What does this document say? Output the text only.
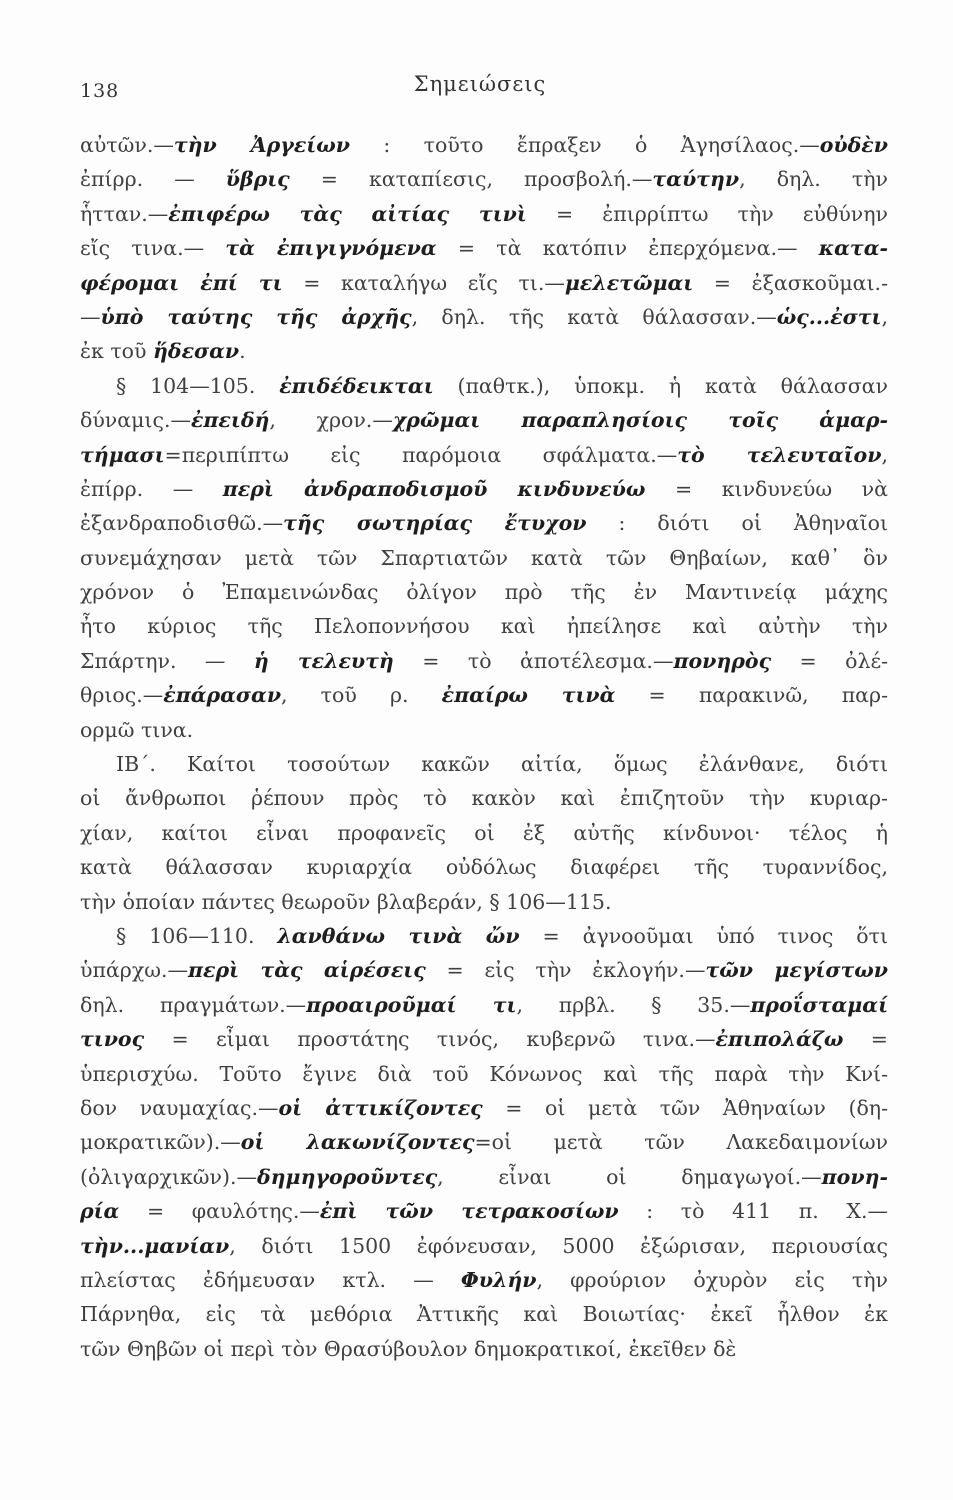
138	Σημειώσεις
αὐτῶν.—τὴν Ἀργείων : τοῦτο ἔπραξεν ὁ Ἀγησίλαος.—οὐδὲν
ἐπίρρ. — ὕβρις = καταπίεσις, προσβολή.—ταύτην, δηλ. τὴν
ἧτταν.—ἐπιφέρω τὰς αἰτίας τινὶ = ἐπιρρίπτω τὴν εὐθύνην
εἴς τινα.— τὰ ἐπιγιγνόμενα = τὰ κατόπιν ἐπερχόμενα.— κατα-
φέρομαι ἐπί τι = καταλήγω εἴς τι.—μελετῶμαι = ἐξασκοῦμαι.-
—ὑπὸ ταύτης τῆς ἀρχῆς, δηλ. τῆς κατὰ θάλασσαν.—ὡς...ἐστι,
ἐκ τοῦ ἥδεσαν.
§ 104—105. ἐπιδέδεικται (παθτκ.), ὑποκμ. ἡ κατὰ θάλασσαν
δύναμις.—ἐπειδή, χρον.—χρῶμαι παραπλησίοις τοῖς ἁμαρ-
τήμασι=περιπίπτω εἰς παρόμοια σφάλματα.—τὸ τελευταῖον,
ἐπίρρ. — περὶ ἀνδραποδισμοῦ κινδυνεύω = κινδυνεύω νὰ
ἐξανδραποδισθῶ.—τῆς σωτηρίας ἔτυχον : διότι οἱ Ἀθηναῖοι
συνεμάχησαν μετὰ τῶν Σπαρτιατῶν κατὰ τῶν Θηβαίων, καθ᾽ ὃν
χρόνον ὁ Ἐπαμεινώνδας ὀλίγον πρὸ τῆς ἐν Μαντινείᾳ μάχης
ἦτο κύριος τῆς Πελοποννήσου καὶ ἠπείλησε καὶ αὐτὴν τὴν
Σπάρτην. — ἡ τελευτὴ = τὸ ἀποτέλεσμα.—πονηρὸς = ὀλέ-
θριος.—ἐπάρασαν, τοῦ ρ. ἐπαίρω τινὰ = παρακινῶ, παρ-
ορμῶ τινα.
ΙΒ΄. Καίτοι τοσούτων κακῶν αἰτία, ὅμως ἐλάνθανε, διότι
οἱ ἄνθρωποι ῥέπουν πρὸς τὸ κακὸν καὶ ἐπιζητοῦν τὴν κυριαρ-
χίαν, καίτοι εἶναι προφανεῖς οἱ ἐξ αὐτῆς κίνδυνοι· τέλος ἡ
κατὰ θάλασσαν κυριαρχία οὐδόλως διαφέρει τῆς τυραννίδος,
τὴν ὁποίαν πάντες θεωροῦν βλαβεράν, § 106—115.
§ 106—110. λανθάνω τινὰ ὤν = ἀγνοοῦμαι ὑπό τινος ὅτι
ὑπάρχω.—περὶ τὰς αἱρέσεις = εἰς τὴν ἐκλογήν.—τῶν μεγίστων
δηλ. πραγμάτων.—προαιροῦμαί τι, πρβλ. § 35.—προΐσταμαί
τινος = εἶμαι προστάτης τινός, κυβερνῶ τινα.—ἐπιπολάζω =
ὑπερισχύω. Τοῦτο ἔγινε διὰ τοῦ Κόνωνος καὶ τῆς παρὰ τὴν Κνί-
δον ναυμαχίας.—οἱ ἀττικίζοντες = οἱ μετὰ τῶν Ἀθηναίων (δη-
μοκρατικῶν).—οἱ λακωνίζοντες=οἱ μετὰ τῶν Λακεδαιμονίων
(ὀλιγαρχικῶν).—δημηγοροῦντες, εἶναι οἱ δημαγωγοί.—πονη-
ρία = φαυλότης.—ἐπὶ τῶν τετρακοσίων : τὸ 411 π. Χ.—
τὴν...μανίαν, διότι 1500 ἐφόνευσαν, 5000 ἐξώρισαν, περιουσίας
πλείστας ἐδήμευσαν κτλ. — Φυλήν, φρούριον ὀχυρὸν εἰς τὴν
Πάρνηθα, εἰς τὰ μεθόρια Ἀττικῆς καὶ Βοιωτίας· ἐκεῖ ἦλθον ἐκ
τῶν Θηβῶν οἱ περὶ τὸν Θρασύβουλον δημοκρατικοί, ἐκεῖθεν δὲ
